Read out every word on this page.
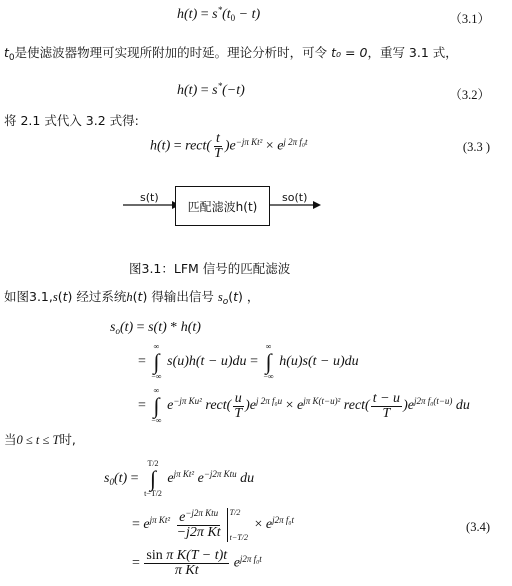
$h(t) = s^*(t_0 - t)$	（3.1）
$t_0$是使滤波器物理可实现所附加的时延。理论分析时，可令 t₀ = 0，重写 3.1 式，
h(t) = s*(−t)	（3.2）
将 2.1 式代入 3.2 式得:
h(t) = rect( $\frac{t}{T} )e^{-j\pi Kt^2} \times e^{j 2\pi f_0t}$	(3.3 )
s(t)
匹配滤波h(t)
so(t)
图3.1：LFM 信号的匹配滤波
如图3.1,s(t) 经过系统h(t) 得输出信号 $s_o(t)$ ，
$s_o(t) = s(t) * h(t)$
=
∞
∫
−∞
s(u)h(t − u)du =
∞
∫
−∞
h(u)s(t − u)du
=
∞
∫
−∞
$e^{-j\pi Ku^2}$ rect( $\frac{u}{T} )e^{j 2\pi f_0u} \times e^{j\pi K(t-u)^2}$ rect( $\frac{t - u}{T} )e^{j2\pi f_0(t-u)}$ du
当0 ≤ t ≤ T时,
$s_0(t)$ =
T/2
∫
t−T/2
$e^{j\pi Kt^2}$ $e^{-j2\pi Ktu}$ du
= $e^{j\pi Kt^2} \frac{e^{-j2\pi Ktu}}{\text{−j2π Kt}} T/2$
t−T/2
× $e^{j2\pi f_0t}$	(3.4)
= $\frac{\text{sin π K(T − t)t}}{\text{π Kt}} e^{j2\pi f_0t}$
